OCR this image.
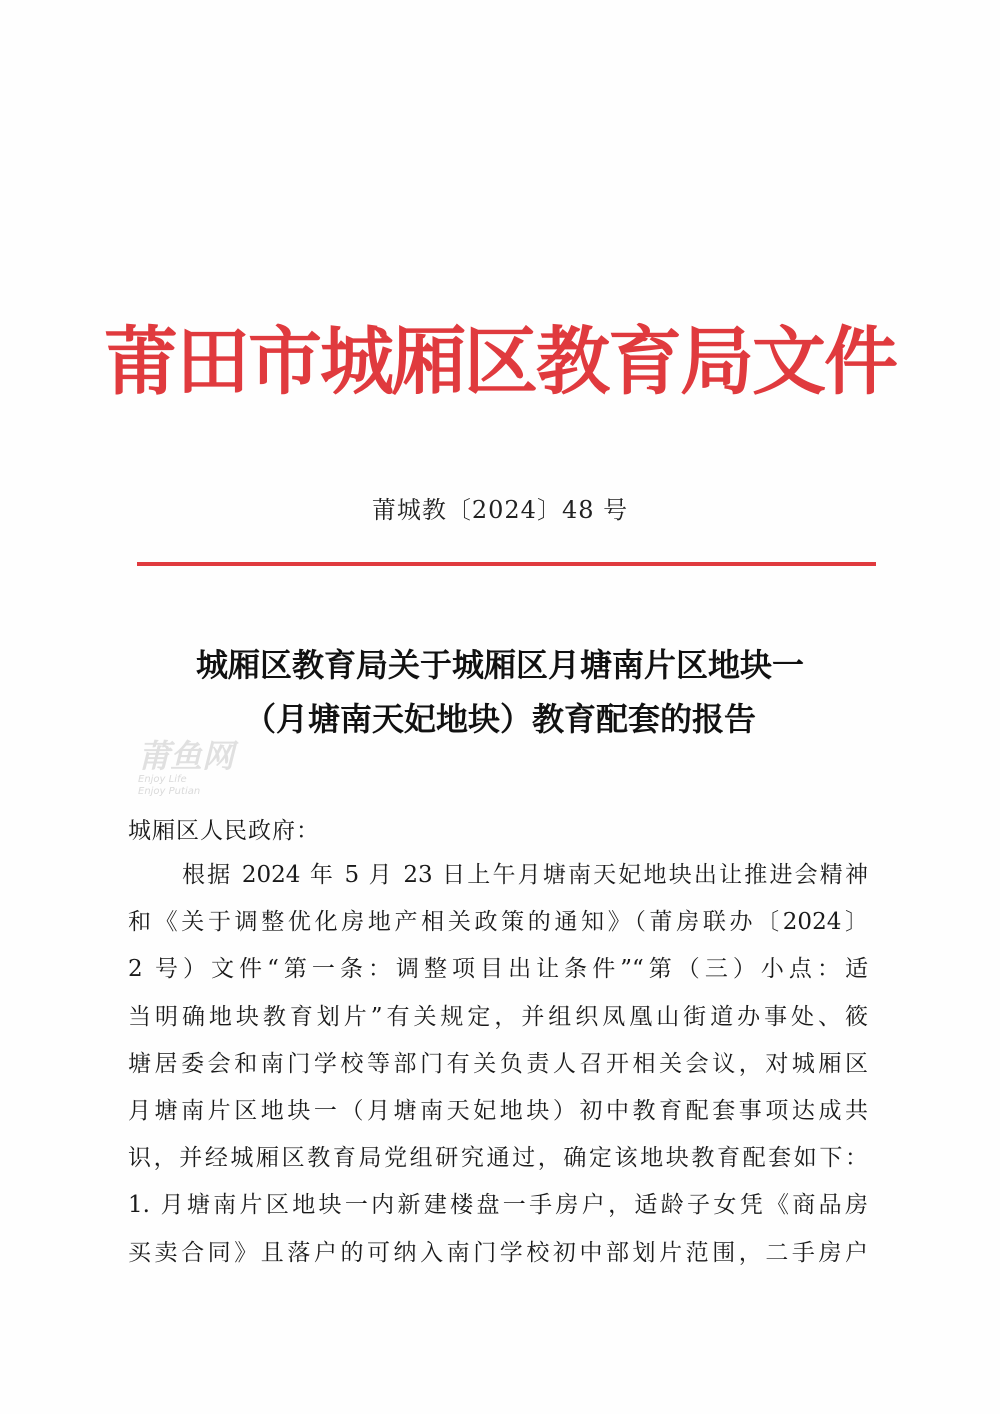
莆田市城厢区教育局文件
莆城教〔2024〕48 号
城厢区教育局关于城厢区月塘南片区地块一
（月塘南天妃地块）教育配套的报告
莆鱼网
Enjoy Life
Enjoy Putian
城厢区人民政府：
根据 2024 年 5 月 23 日上午月塘南天妃地块出让推进会精神
和《关于调整优化房地产相关政策的通知》（莆房联办〔2024〕
2 号）文件“第一条：调整项目出让条件”“第（三）小点：适
当明确地块教育划片”有关规定，并组织凤凰山街道办事处、筱
塘居委会和南门学校等部门有关负责人召开相关会议，对城厢区
月塘南片区地块一（月塘南天妃地块）初中教育配套事项达成共
识，并经城厢区教育局党组研究通过，确定该地块教育配套如下：
1. 月塘南片区地块一内新建楼盘一手房户，适龄子女凭《商品房
买卖合同》且落户的可纳入南门学校初中部划片范围，二手房户
